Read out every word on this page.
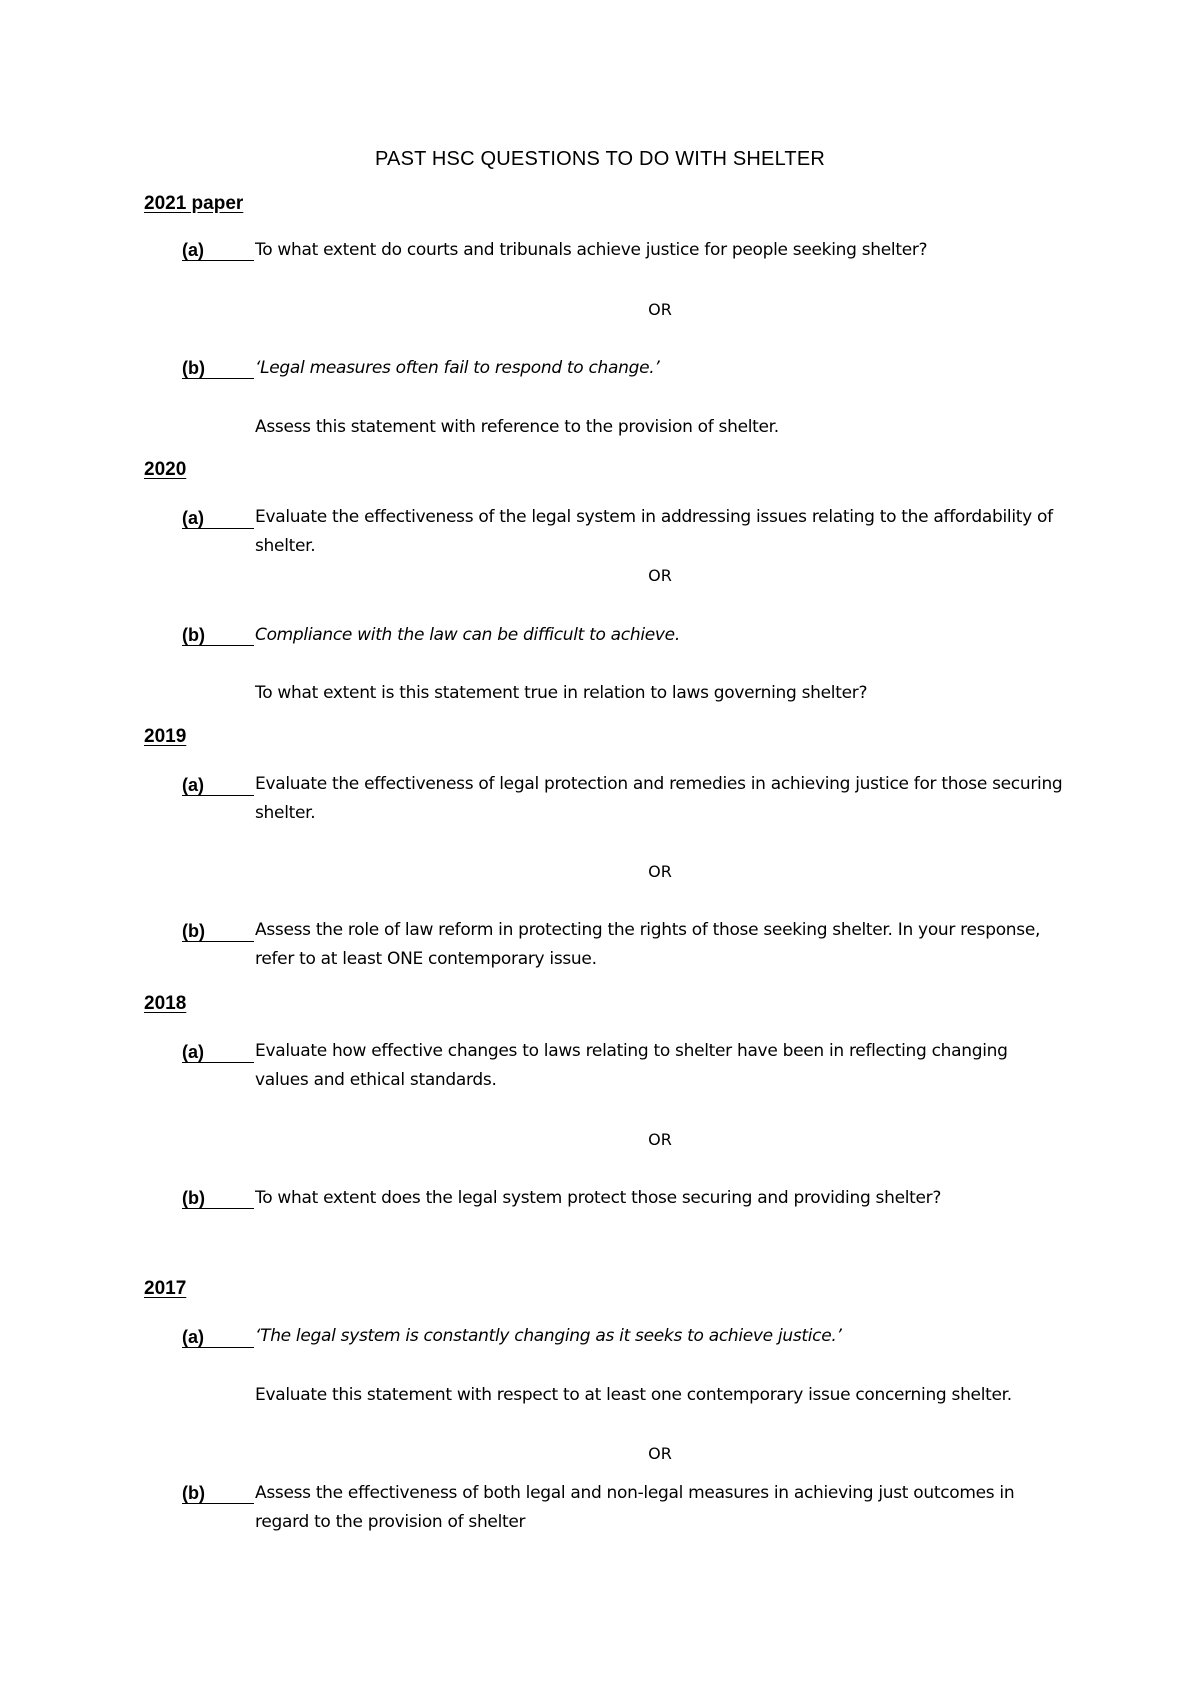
PAST HSC QUESTIONS TO DO WITH SHELTER
2021 paper
(a)	To what extent do courts and tribunals achieve justice for people seeking shelter?
OR
(b)	‘Legal measures often fail to respond to change.’
Assess this statement with reference to the provision of shelter.
2020
(a)	Evaluate the effectiveness of the legal system in addressing issues relating to the affordability of shelter.
OR
(b)	Compliance with the law can be difficult to achieve.
To what extent is this statement true in relation to laws governing shelter?
2019
(a)	Evaluate the effectiveness of legal protection and remedies in achieving justice for those securing shelter.
OR
(b)	Assess the role of law reform in protecting the rights of those seeking shelter. In your response, refer to at least ONE contemporary issue.
2018
(a)	Evaluate how effective changes to laws relating to shelter have been in reflecting changing values and ethical standards.
OR
(b)	To what extent does the legal system protect those securing and providing shelter?
2017
(a)	‘The legal system is constantly changing as it seeks to achieve justice.’
Evaluate this statement with respect to at least one contemporary issue concerning shelter.
OR
(b)	Assess the effectiveness of both legal and non-legal measures in achieving just outcomes in regard to the provision of shelter
